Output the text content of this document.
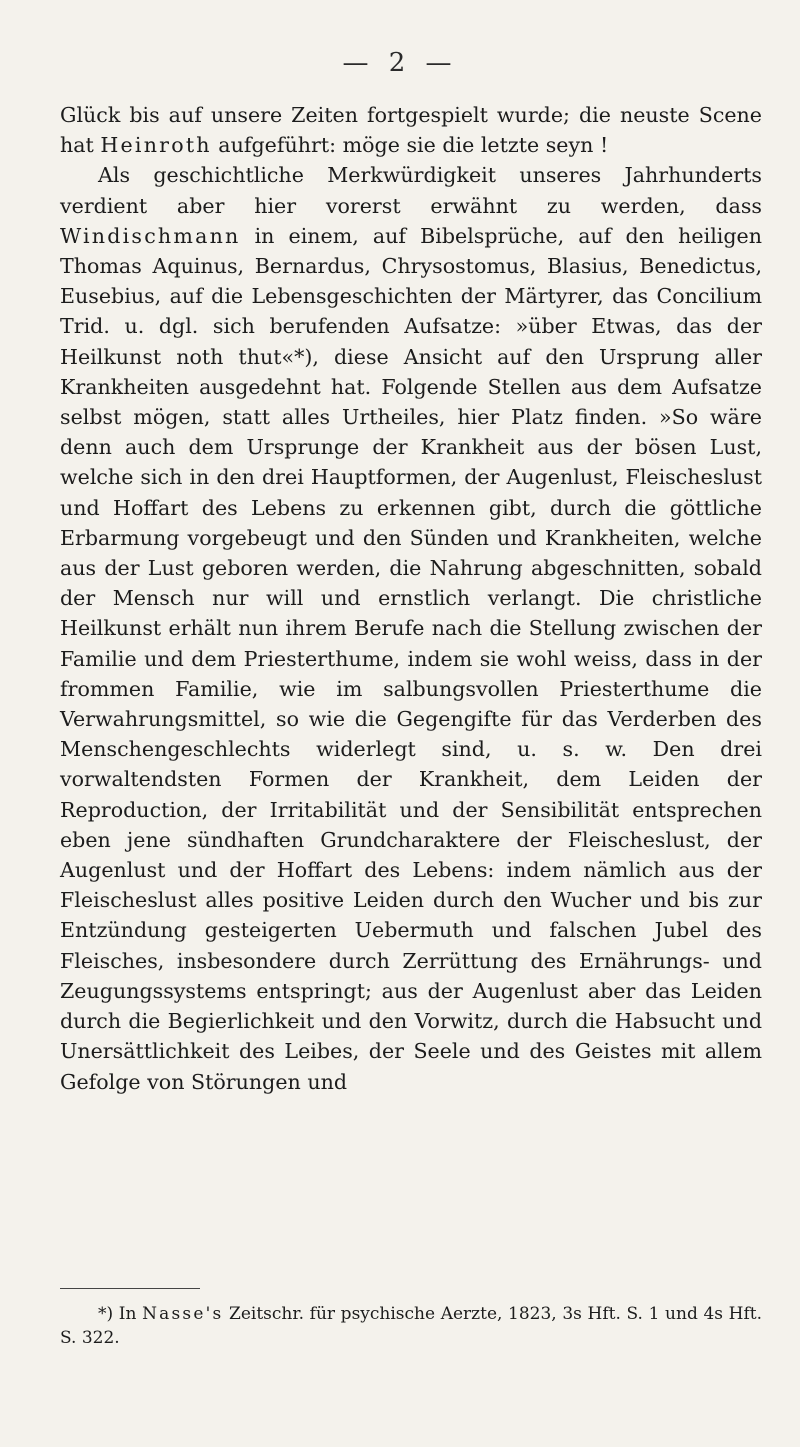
— 2 —

Glück bis auf unsere Zeiten fortgespielt wurde; die neuste Scene hat Heinroth aufgeführt: möge sie die letzte seyn !

Als geschichtliche Merkwürdigkeit unseres Jahrhunderts verdient aber hier vorerst erwähnt zu werden, dass Windischmann in einem, auf Bibelsprüche, auf den heiligen Thomas Aquinus, Bernardus, Chrysostomus, Blasius, Benedictus, Eusebius, auf die Lebensgeschichten der Märtyrer, das Concilium Trid. u. dgl. sich berufenden Aufsatze: »über Etwas, das der Heilkunst noth thut«*), diese Ansicht auf den Ursprung aller Krankheiten ausgedehnt hat. Folgende Stellen aus dem Aufsatze selbst mögen, statt alles Urtheiles, hier Platz finden. »So wäre denn auch dem Ursprunge der Krankheit aus der bösen Lust, welche sich in den drei Hauptformen, der Augenlust, Fleischeslust und Hoffart des Lebens zu erkennen gibt, durch die göttliche Erbarmung vorgebeugt und den Sünden und Krankheiten, welche aus der Lust geboren werden, die Nahrung abgeschnitten, sobald der Mensch nur will und ernstlich verlangt. Die christliche Heilkunst erhält nun ihrem Berufe nach die Stellung zwischen der Familie und dem Priesterthume, indem sie wohl weiss, dass in der frommen Familie, wie im salbungsvollen Priesterthume die Verwahrungsmittel, so wie die Gegengifte für das Verderben des Menschengeschlechts widerlegt sind, u. s. w. Den drei vorwaltendsten Formen der Krankheit, dem Leiden der Reproduction, der Irritabilität und der Sensibilität entsprechen eben jene sündhaften Grundcharaktere der Fleischeslust, der Augenlust und der Hoffart des Lebens: indem nämlich aus der Fleischeslust alles positive Leiden durch den Wucher und bis zur Entzündung gesteigerten Uebermuth und falschen Jubel des Fleisches, insbesondere durch Zerrüttung des Ernährungs- und Zeugungssystems entspringt; aus der Augenlust aber das Leiden durch die Begierlichkeit und den Vorwitz, durch die Habsucht und Unersättlichkeit des Leibes, der Seele und des Geistes mit allem Gefolge von Störungen und

*) In Nasse's Zeitschr. für psychische Aerzte, 1823, 3s Hft. S. 1 und 4s Hft. S. 322.
